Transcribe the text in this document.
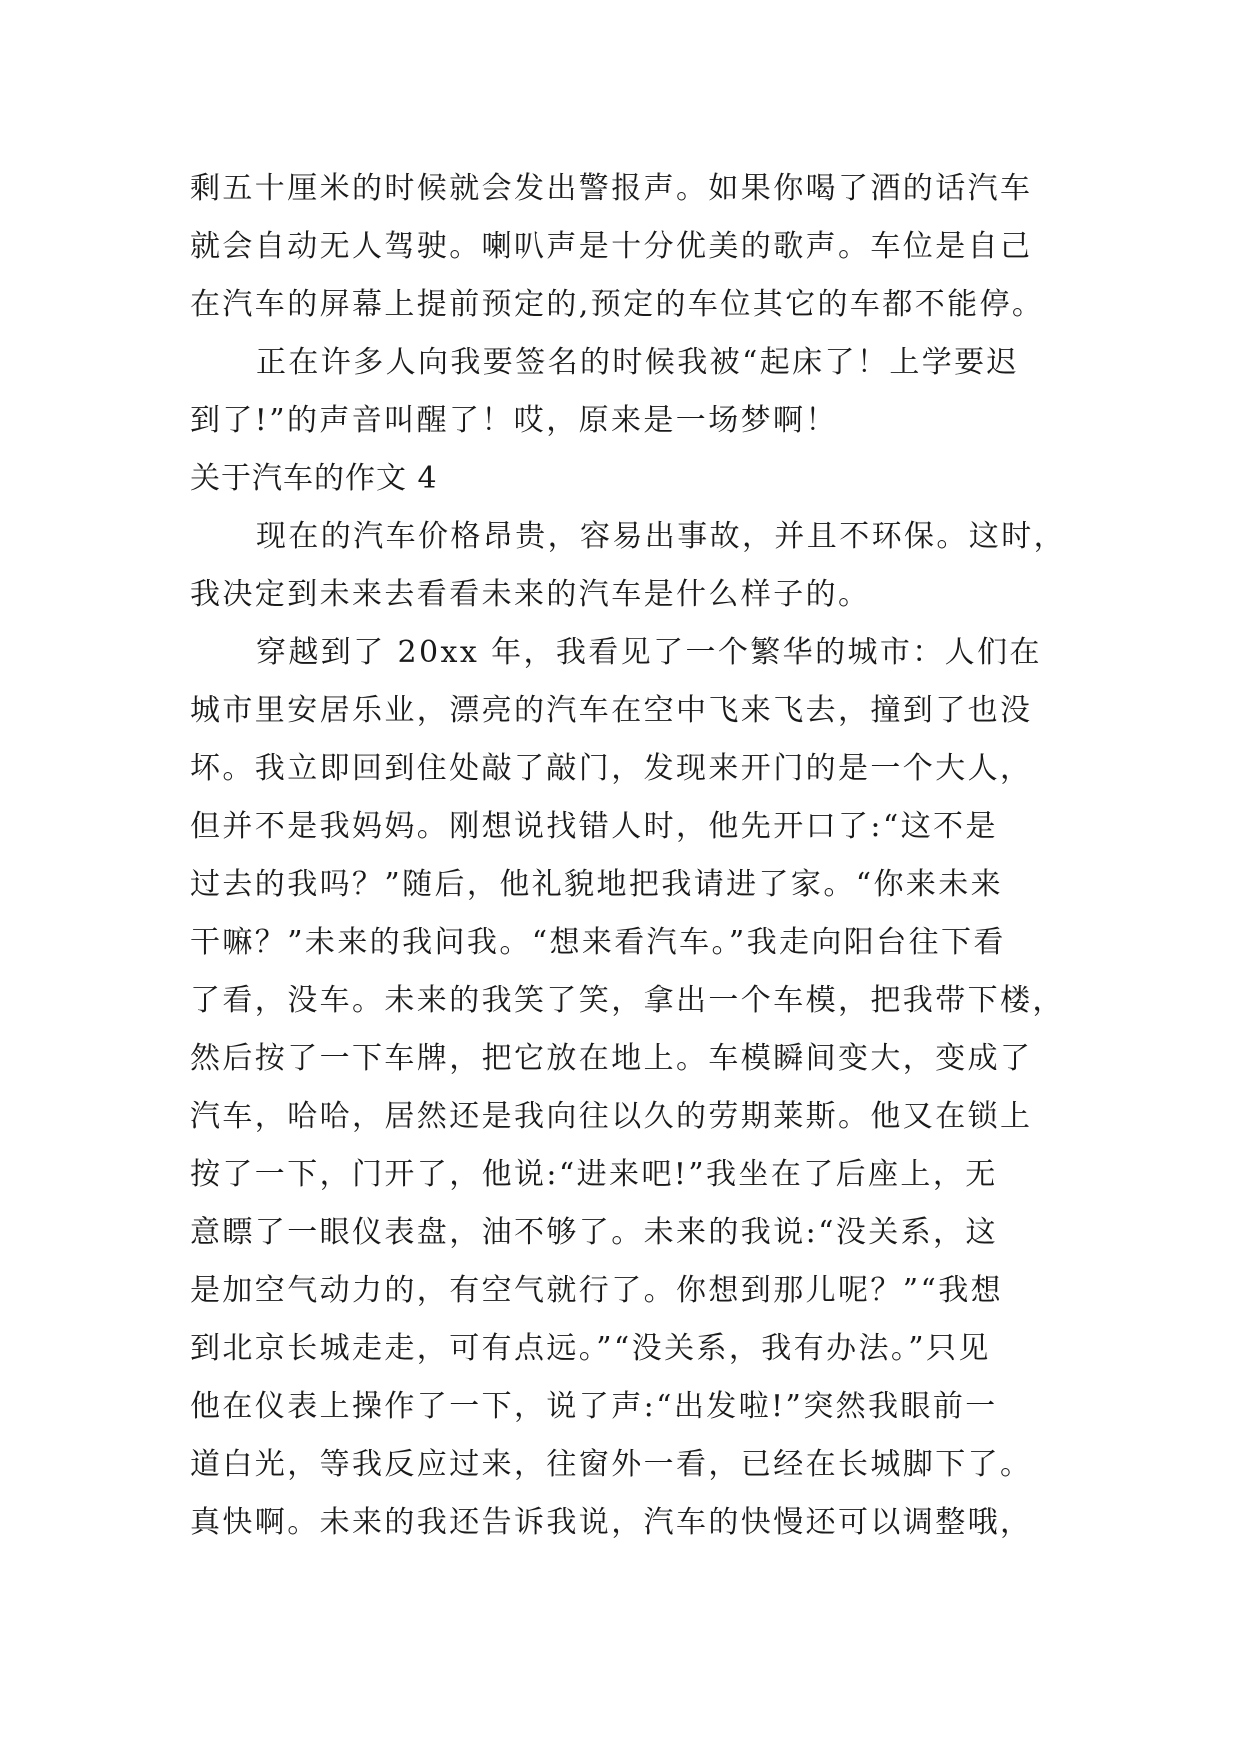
剩五十厘米的时候就会发出警报声。如果你喝了酒的话汽车
就会自动无人驾驶。喇叭声是十分优美的歌声。车位是自己
在汽车的屏幕上提前预定的,预定的车位其它的车都不能停。
正在许多人向我要签名的时候我被“起床了！上学要迟
到了!”的声音叫醒了！哎，原来是一场梦啊！
关于汽车的作文 4
现在的汽车价格昂贵，容易出事故，并且不环保。这时，
我决定到未来去看看未来的汽车是什么样子的。
穿越到了 20xx 年，我看见了一个繁华的城市：人们在
城市里安居乐业，漂亮的汽车在空中飞来飞去，撞到了也没
坏。我立即回到住处敲了敲门，发现来开门的是一个大人，
但并不是我妈妈。刚想说找错人时，他先开口了:“这不是
过去的我吗？”随后，他礼貌地把我请进了家。“你来未来
干嘛？”未来的我问我。“想来看汽车。”我走向阳台往下看
了看，没车。未来的我笑了笑，拿出一个车模，把我带下楼，
然后按了一下车牌，把它放在地上。车模瞬间变大，变成了
汽车，哈哈，居然还是我向往以久的劳期莱斯。他又在锁上
按了一下，门开了，他说:“进来吧!”我坐在了后座上，无
意瞟了一眼仪表盘，油不够了。未来的我说:“没关系，这
是加空气动力的，有空气就行了。你想到那儿呢？”“我想
到北京长城走走，可有点远。”“没关系，我有办法。”只见
他在仪表上操作了一下，说了声:“出发啦!”突然我眼前一
道白光，等我反应过来，往窗外一看，已经在长城脚下了。
真快啊。未来的我还告诉我说，汽车的快慢还可以调整哦，
